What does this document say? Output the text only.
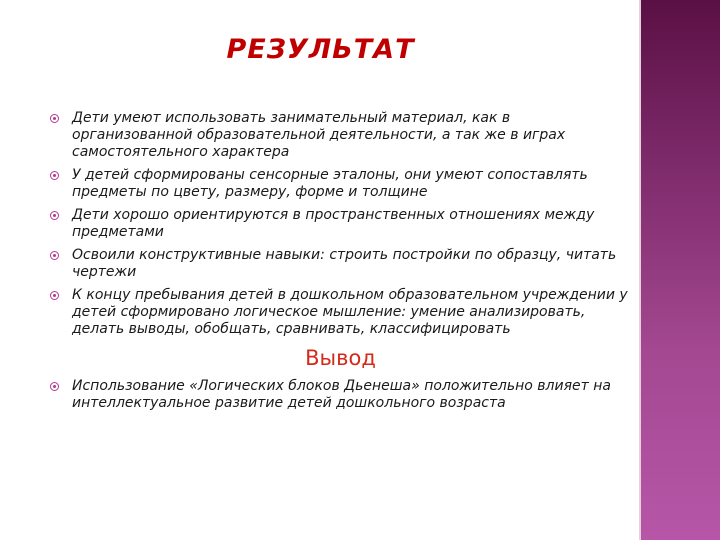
РЕЗУЛЬТАТ
Дети умеют использовать занимательный материал, как в организованной образовательной деятельности, а так же в играх самостоятельного характера
У детей сформированы сенсорные эталоны, они умеют сопоставлять предметы по цвету, размеру, форме и толщине
Дети хорошо ориентируются в пространственных отношениях между предметами
Освоили конструктивные навыки: строить постройки по образцу, читать чертежи
К концу пребывания детей в дошкольном образовательном учреждении у детей сформировано логическое мышление: умение анализировать, делать выводы, обобщать, сравнивать, классифицировать
Вывод
Использование «Логических блоков Дьенеша» положительно влияет на интеллектуальное развитие детей дошкольного возраста
